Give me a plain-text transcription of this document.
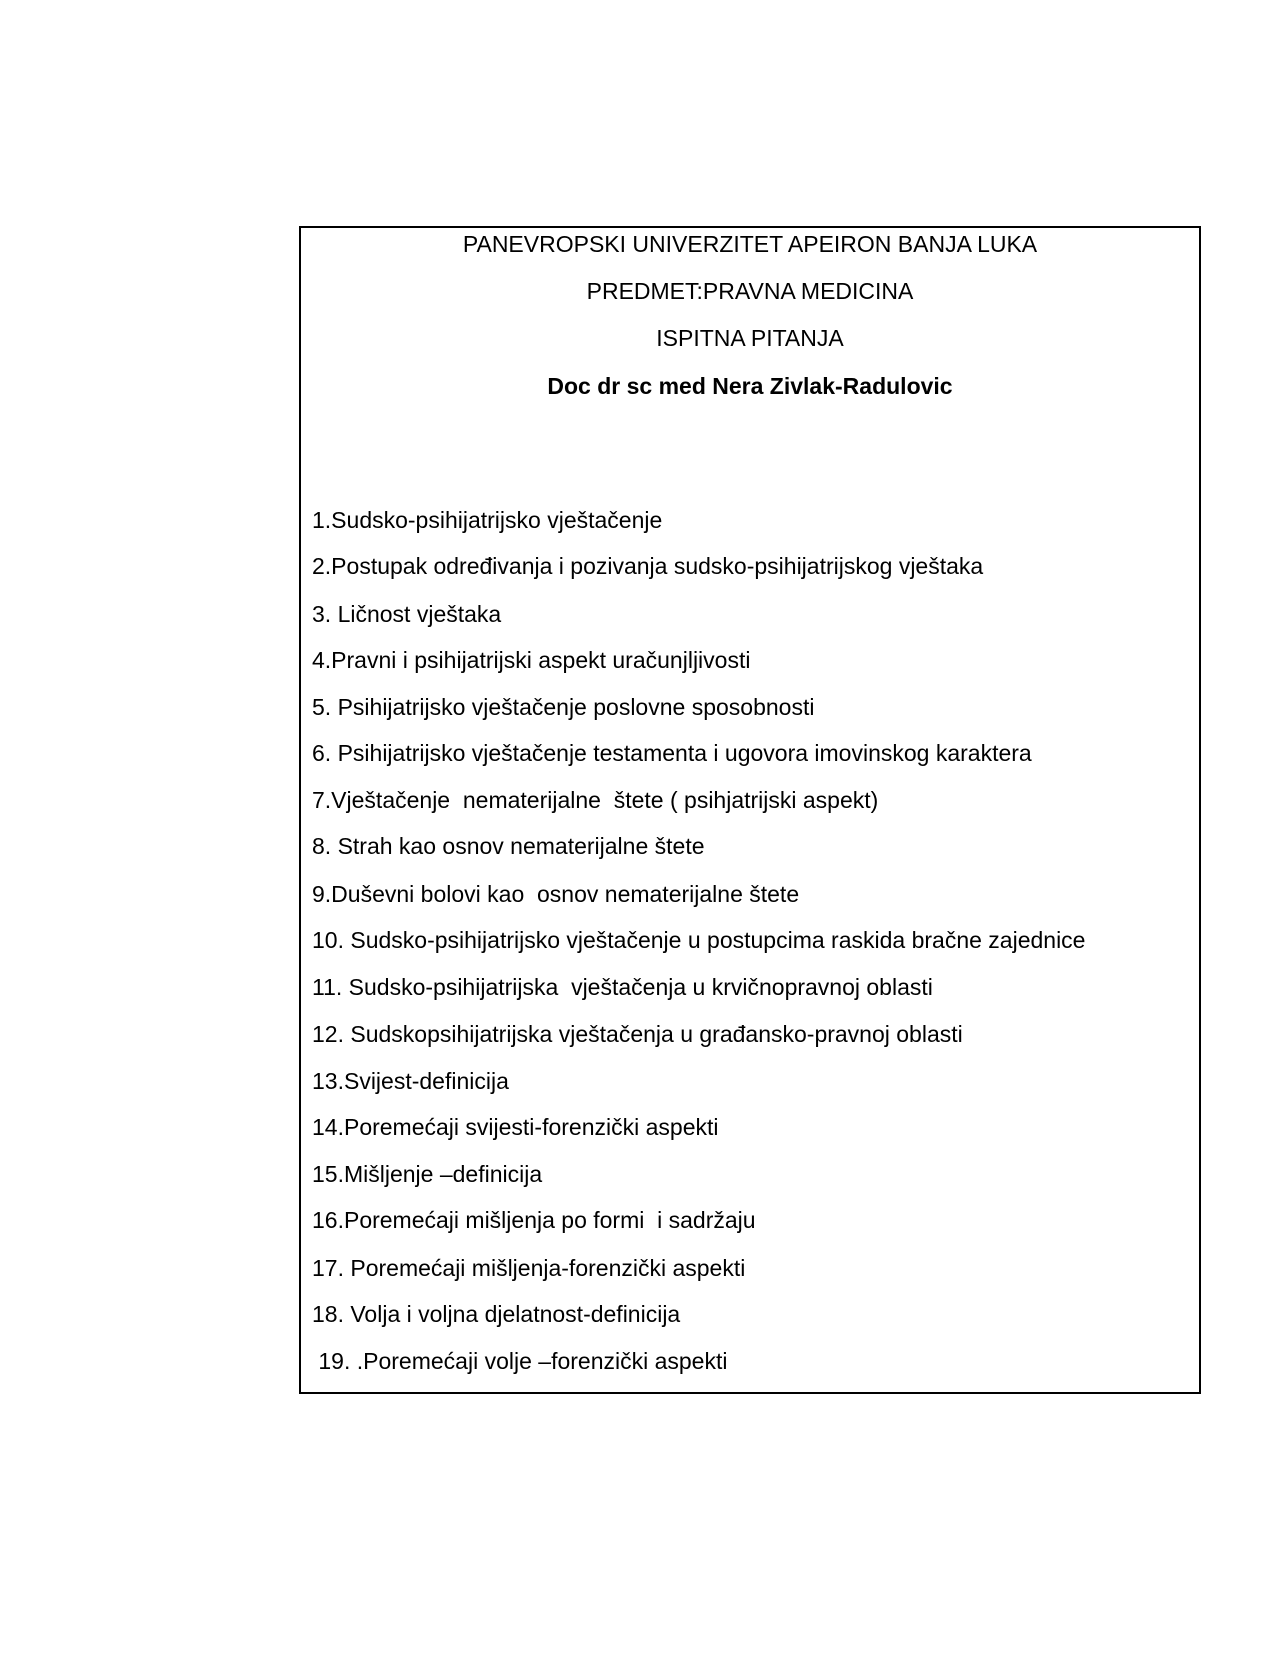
PANEVROPSKI UNIVERZITET APEIRON BANJA LUKA
PREDMET:PRAVNA MEDICINA
ISPITNA PITANJA
Doc dr sc med Nera Zivlak-Radulovic
1.Sudsko-psihijatrijsko vještačenje
2.Postupak određivanja i pozivanja sudsko-psihijatrijskog vještaka
3. Ličnost vještaka
4.Pravni i psihijatrijski aspekt uračunjljivosti
5. Psihijatrijsko vještačenje poslovne sposobnosti
6. Psihijatrijsko vještačenje testamenta i ugovora imovinskog karaktera
7.Vještačenje  nematerijalne  štete ( psihjatrijski aspekt)
8. Strah kao osnov nematerijalne štete
9.Duševni bolovi kao  osnov nematerijalne štete
10. Sudsko-psihijatrijsko vještačenje u postupcima raskida bračne zajednice
11. Sudsko-psihijatrijska  vještačenja u krvičnopravnoj oblasti
12. Sudskopsihijatrijska vještačenja u građansko-pravnoj oblasti
13.Svijest-definicija
14.Poremećaji svijesti-forenzički aspekti
15.Mišljenje –definicija
16.Poremećaji mišljenja po formi  i sadržaju
17. Poremećaji mišljenja-forenzički aspekti
18. Volja i voljna djelatnost-definicija
19. .Poremećaji volje –forenzički aspekti
